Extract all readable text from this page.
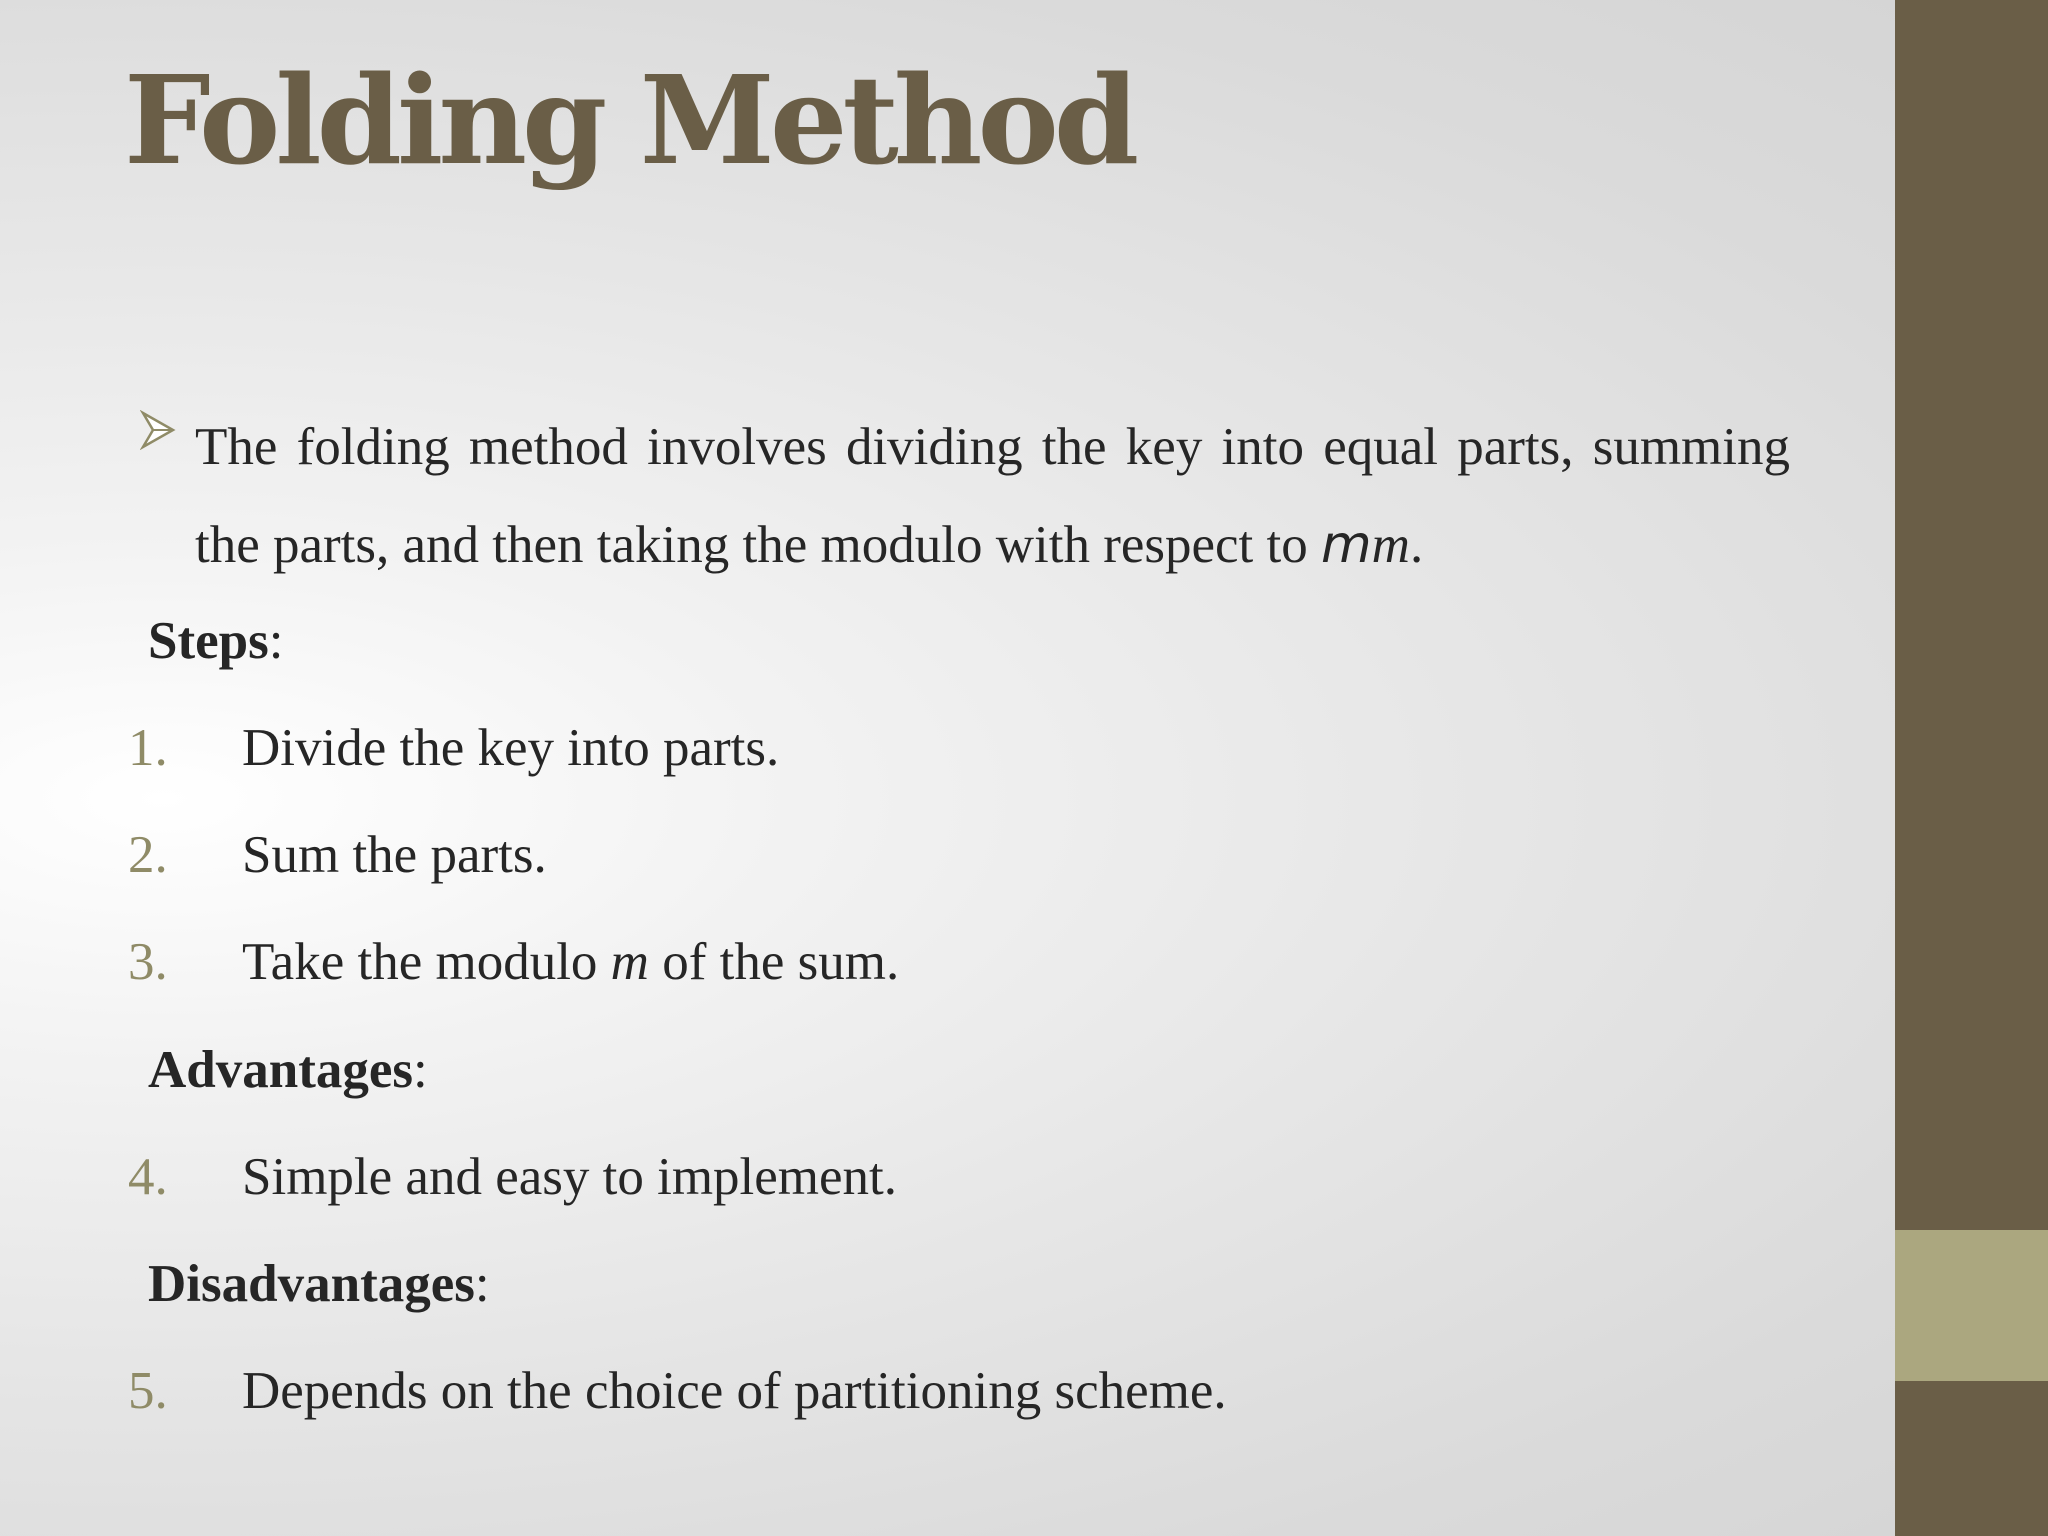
Folding Method

The folding method involves dividing the key into equal parts, summing the parts, and then taking the modulo with respect to mm.

Steps:
1. Divide the key into parts.
2. Sum the parts.
3. Take the modulo m of the sum.
Advantages:
4. Simple and easy to implement.
Disadvantages:
5. Depends on the choice of partitioning scheme.
